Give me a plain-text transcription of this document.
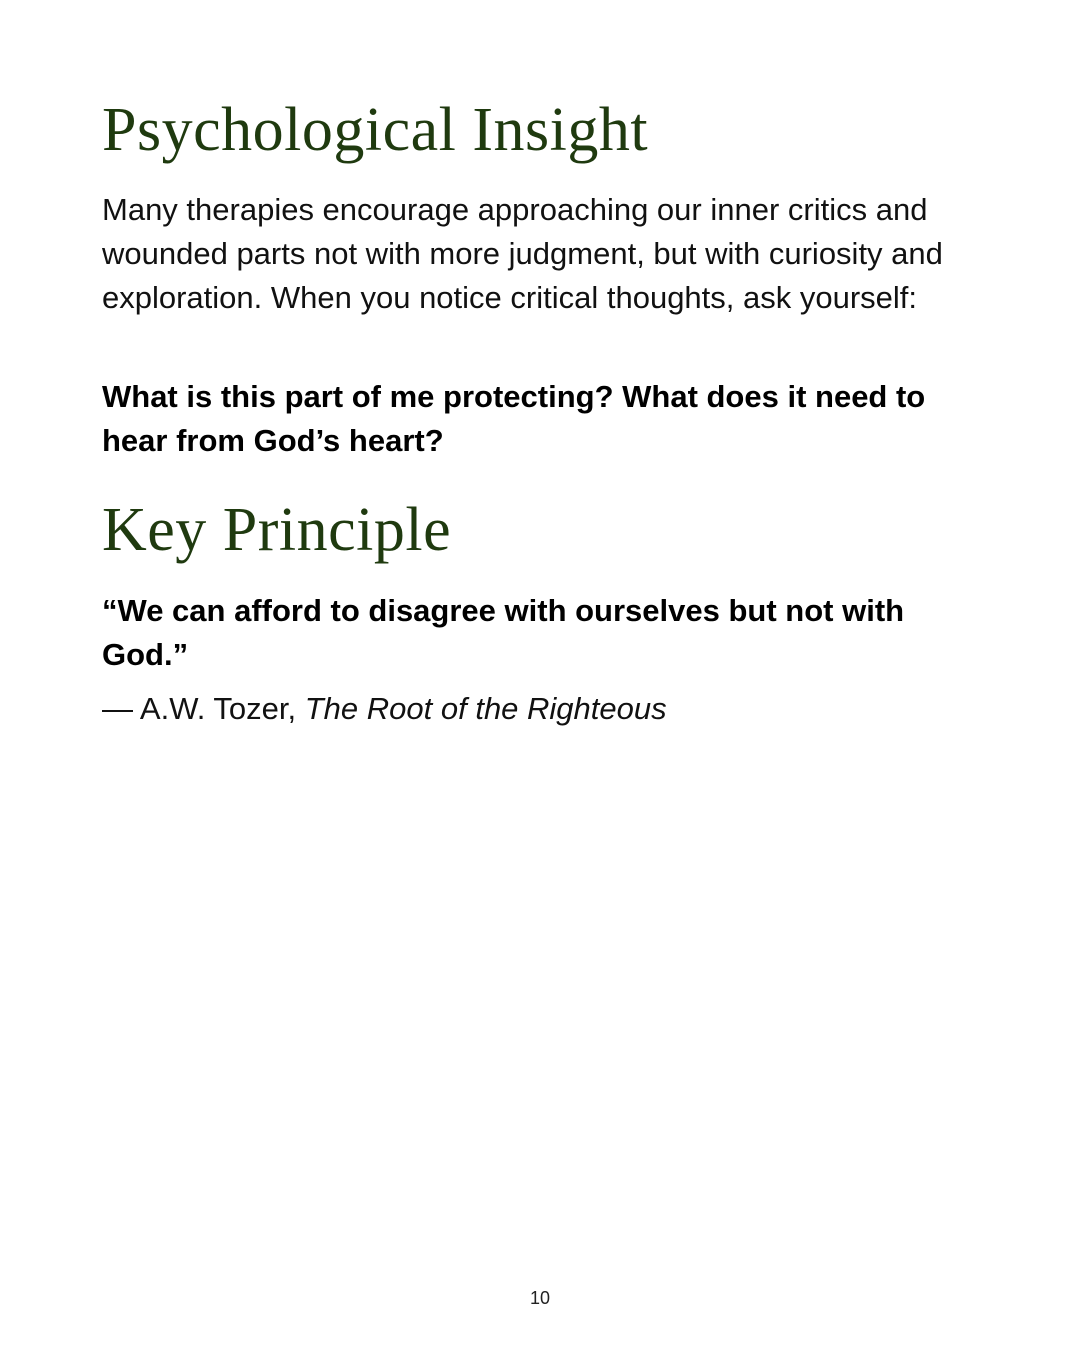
Psychological Insight

Many therapies encourage approaching our inner critics and wounded parts not with more judgment, but with curiosity and exploration. When you notice critical thoughts, ask yourself:

What is this part of me protecting? What does it need to hear from God’s heart?

Key Principle

“We can afford to disagree with ourselves but not with God.”

— A.W. Tozer, The Root of the Righteous

10
